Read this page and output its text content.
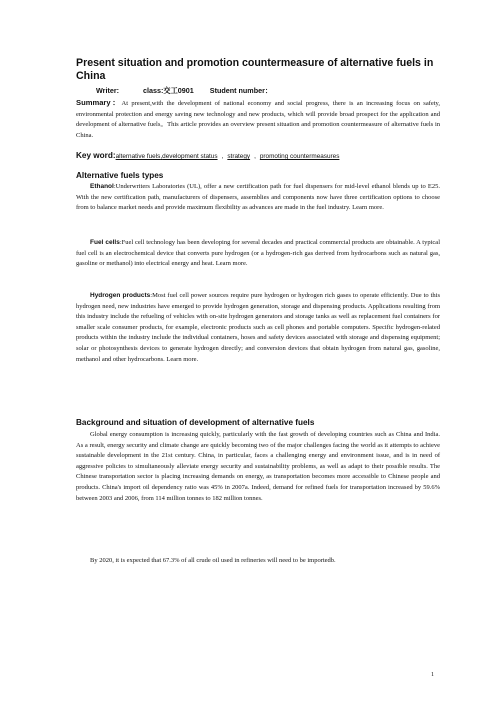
Present situation and promotion countermeasure of alternative fuels in China
Writer:	class:交工0901 Student number：

Summary：At present,with the development of national economy and social progress, there is an increasing focus on safety, environmental protection and energy saving new technology and new products, which will provide broad prospect for the application and development of alternative fuels。This article provides an overview present situation and promotion countermeasure of alternative fuels in China.

Key word:alternative fuels,development status , strategy , promoting countermeasures
Alternative fuels types

Ethanol:Underwriters Laboratories (UL), offer a new certification path for fuel dispensers for mid-level ethanol blends up to E25. With the new certification path, manufacturers of dispensers, assemblies and components now have three certification options to choose from to balance market needs and provide maximum flexibility as advances are made in the fuel industry. Learn more.

Fuel cells:Fuel cell technology has been developing for several decades and practical commercial products are obtainable. A typical fuel cell is an electrochemical device that converts pure hydrogen (or a hydrogen-rich gas derived from hydrocarbons such as natural gas, gasoline or methanol) into electrical energy and heat. Learn more.

Hydrogen products:Most fuel cell power sources require pure hydrogen or hydrogen rich gases to operate efficiently. Due to this hydrogen need, new industries have emerged to provide hydrogen generation, storage and dispensing products. Applications resulting from this industry include the refueling of vehicles with on-site hydrogen generators and storage tanks as well as replacement fuel containers for smaller scale consumer products, for example, electronic products such as cell phones and portable computers. Specific hydrogen-related products within the industry include the individual containers, hoses and safety devices associated with storage and dispensing equipment; solar or photosynthesis devices to generate hydrogen directly; and conversion devices that obtain hydrogen from natural gas, gasoline, methanol and other hydrocarbons. Learn more.

Background and situation of development of alternative fuels

Global energy consumption is increasing quickly, particularly with the fast growth of developing countries such as China and India. As a result, energy security and climate change are quickly becoming two of the major challenges facing the world as it attempts to achieve sustainable development in the 21st century. China, in particular, faces a challenging energy and environment issue, and is in need of aggressive policies to simultaneously alleviate energy security and sustainability problems, as well as adapt to their possible results. The Chinese transportation sector is placing increasing demands on energy, as transportation becomes more accessible to Chinese people and products. China's import oil dependency ratio was 45% in 2007a. Indeed, demand for refined fuels for transportation increased by 59.6% between 2003 and 2006, from 114 million tonnes to 182 million tonnes.

By 2020, it is expected that 67.3% of all crude oil used in refineries will need to be importedb.

1
